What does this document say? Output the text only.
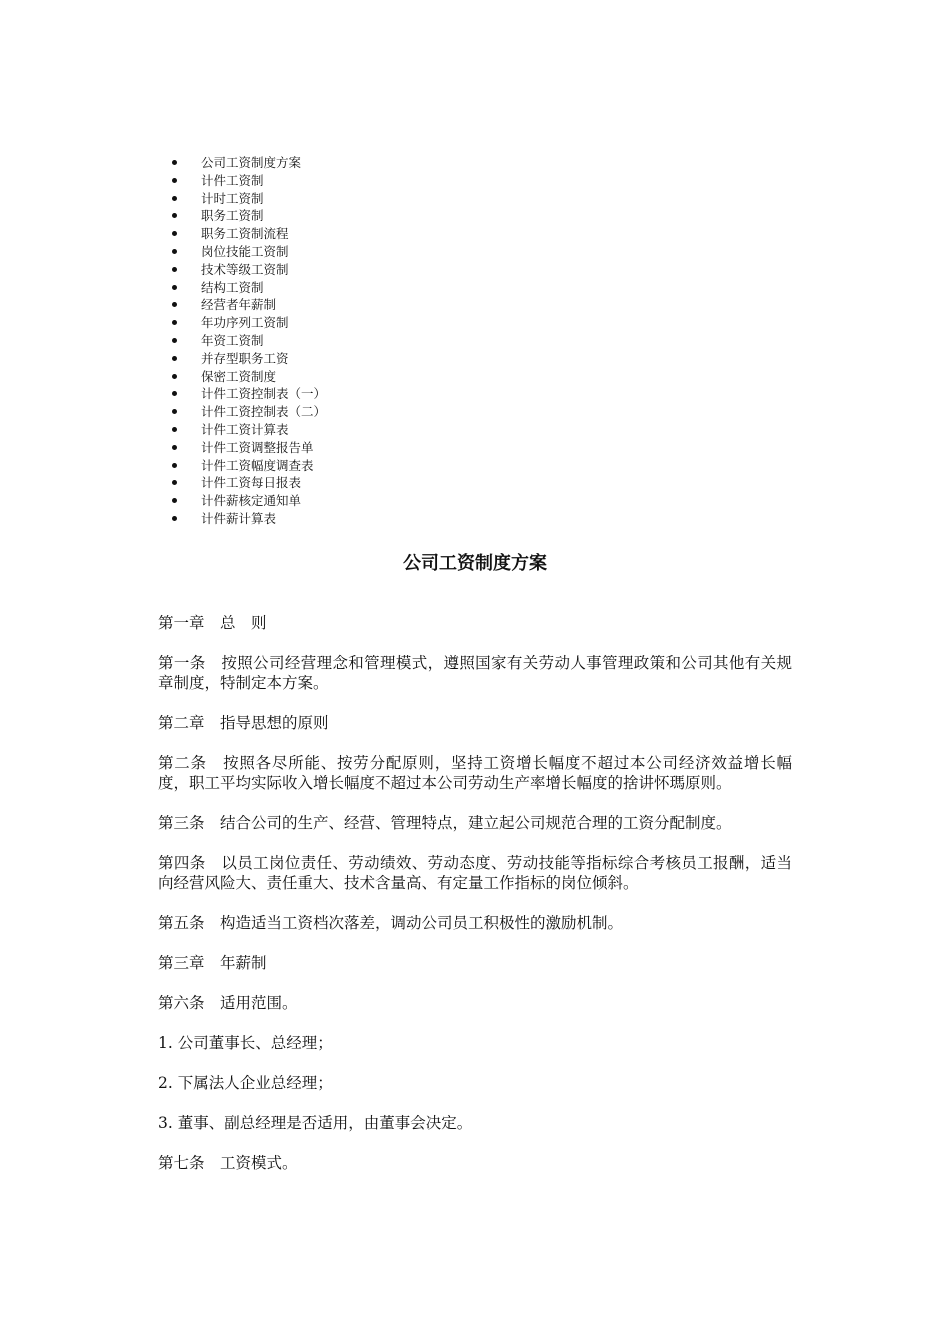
公司工资制度方案
计件工资制
计时工资制
职务工资制
职务工资制流程
岗位技能工资制
技术等级工资制
结构工资制
经营者年薪制
年功序列工资制
年资工资制
并存型职务工资
保密工资制度
计件工资控制表（一）
计件工资控制表（二）
计件工资计算表
计件工资调整报告单
计件工资幅度调查表
计件工资每日报表
计件薪核定通知单
计件薪计算表
公司工资制度方案

第一章　总　则

第一条　按照公司经营理念和管理模式，遵照国家有关劳动人事管理政策和公司其他有关规章制度，特制定本方案。

第二章　指导思想的原则

第二条　按照各尽所能、按劳分配原则，坚持工资增长幅度不超过本公司经济效益增长幅度，职工平均实际收入增长幅度不超过本公司劳动生产率增长幅度的捨讲怀瑪原则。

第三条　结合公司的生产、经营、管理特点，建立起公司规范合理的工资分配制度。

第四条　以员工岗位责任、劳动绩效、劳动态度、劳动技能等指标综合考核员工报酬，适当向经营风险大、责任重大、技术含量高、有定量工作指标的岗位倾斜。

第五条　构造适当工资档次落差，调动公司员工积极性的激励机制。

第三章　年薪制

第六条　适用范围。

1. 公司董事长、总经理；

2. 下属法人企业总经理；

3. 董事、副总经理是否适用，由董事会决定。

第七条　工资模式。
